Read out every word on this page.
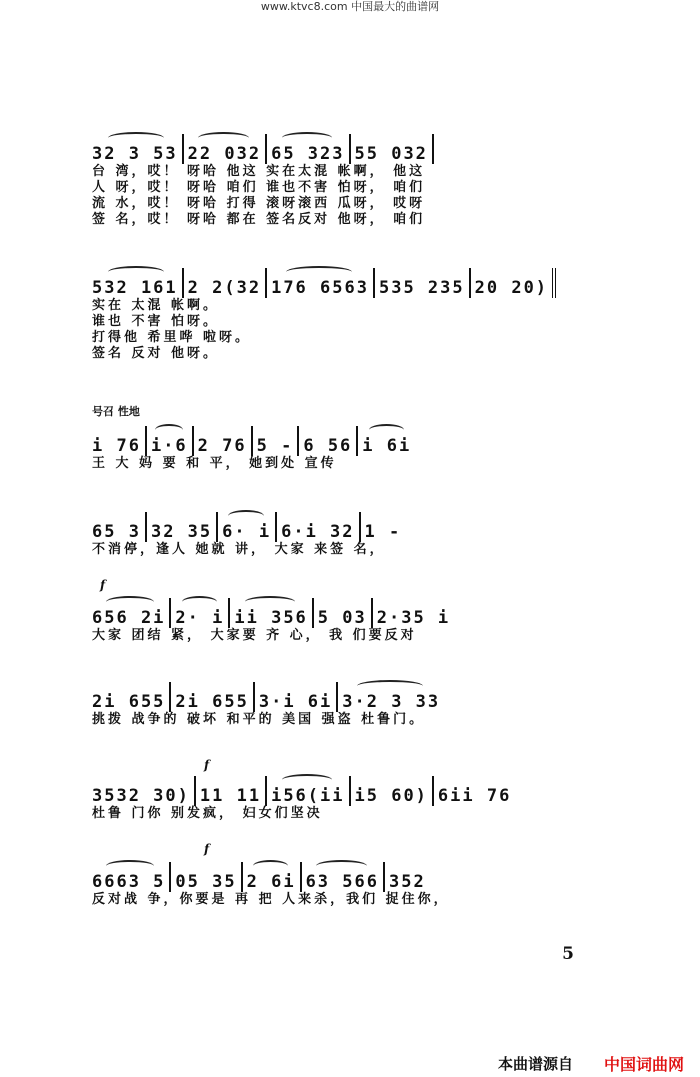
www.ktvc8.com 中国最大的曲谱网
32 3 53 22 032 65 323 55 032
台 湾，哎！ 呀哈 他这 实在太混 帐啊， 他这
人 呀，哎！ 呀哈 咱们 谁也不害 怕呀， 咱们
流 水，哎！ 呀哈 打得 滚呀滚西 瓜呀， 哎呀
签 名，哎！ 呀哈 都在 签名反对 他呀， 咱们
532 161 2 2(32 176 6563 535 235 20 20)
实在 太混 帐啊。
谁也 不害 怕呀。
打得他 希里哗 啦呀。
签名 反对 他呀。
号召 性地
i 76 i·6 2 76 5 - 6 56 i 6i
王 大 妈 要 和 平， 她到处 宣传
65 3 32 35 6· i 6·i 32 1 -
不消停，逢人 她就 讲， 大家 来签 名，
f
656 2i 2· i ii 356 5 03 2·35 i
大家 团结 紧， 大家要 齐 心， 我 们要反对
2i 655 2i 655 3·i 6i 3·2 3 33
挑拨 战争的 破坏 和平的 美国 强盗 杜鲁门。
f
3532 30) 11 11 i56(ii i5 60) 6ii 76
杜鲁 门你 别发疯， 妇女们坚决
f
6663 5 05 35 2 6i 63 566 352
反对战 争，你要是 再 把 人来杀，我们 捉住你，
5
本曲谱源自 中国词曲网
